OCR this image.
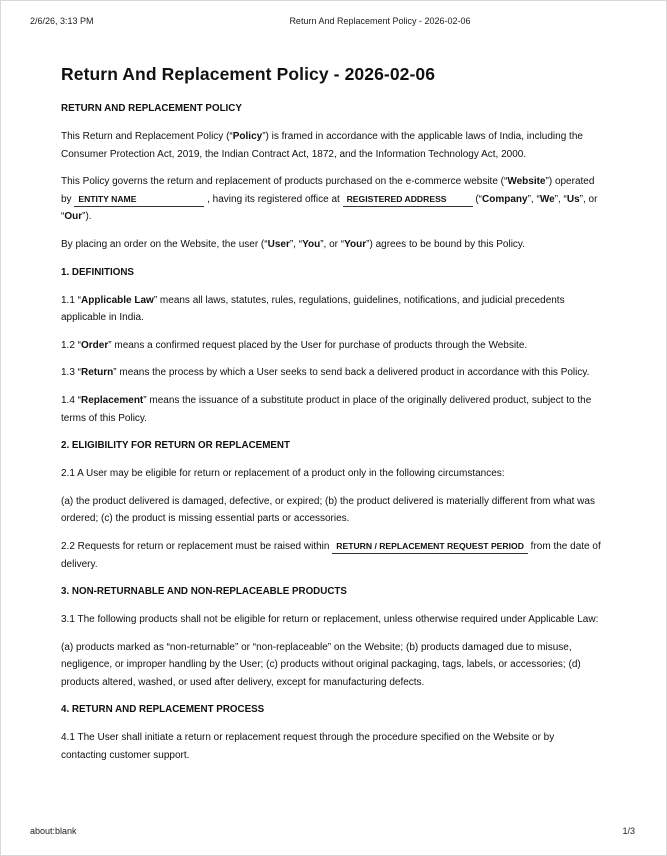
2/6/26, 3:13 PM	Return And Replacement Policy - 2026-02-06
Return And Replacement Policy - 2026-02-06
RETURN AND REPLACEMENT POLICY

This Return and Replacement Policy (“Policy”) is framed in accordance with the applicable laws of India, including the Consumer Protection Act, 2019, the Indian Contract Act, 1872, and the Information Technology Act, 2000.

This Policy governs the return and replacement of products purchased on the e-commerce website (“Website”) operated by ENTITY NAME	, having its registered office at REGISTERED ADDRESS	(“Company”, “We”, “Us”, or “Our”).

By placing an order on the Website, the user (“User”, “You”, or “Your”) agrees to be bound by this Policy.

1. DEFINITIONS

1.1 “Applicable Law” means all laws, statutes, rules, regulations, guidelines, notifications, and judicial precedents applicable in India.

1.2 “Order” means a confirmed request placed by the User for purchase of products through the Website.

1.3 “Return” means the process by which a User seeks to send back a delivered product in accordance with this Policy.

1.4 “Replacement” means the issuance of a substitute product in place of the originally delivered product, subject to the terms of this Policy.

2. ELIGIBILITY FOR RETURN OR REPLACEMENT

2.1 A User may be eligible for return or replacement of a product only in the following circumstances:

(a) the product delivered is damaged, defective, or expired; (b) the product delivered is materially different from what was ordered; (c) the product is missing essential parts or accessories.

2.2 Requests for return or replacement must be raised within RETURN / REPLACEMENT REQUEST PERIOD from the date of delivery.

3. NON-RETURNABLE AND NON-REPLACEABLE PRODUCTS

3.1 The following products shall not be eligible for return or replacement, unless otherwise required under Applicable Law:

(a) products marked as “non-returnable” or “non-replaceable” on the Website; (b) products damaged due to misuse, negligence, or improper handling by the User; (c) products without original packaging, tags, labels, or accessories; (d) products altered, washed, or used after delivery, except for manufacturing defects.

4. RETURN AND REPLACEMENT PROCESS

4.1 The User shall initiate a return or replacement request through the procedure specified on the Website or by contacting customer support.

about:blank	1/3
